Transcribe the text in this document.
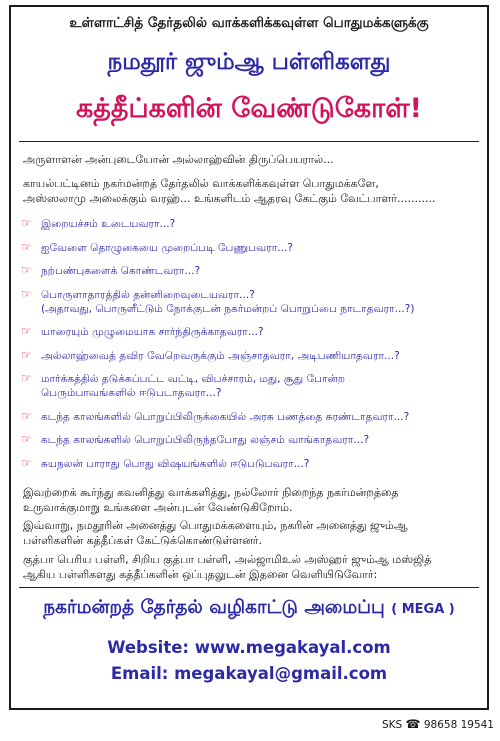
உள்ளாட்சித் தேர்தலில் வாக்களிக்கவுள்ள பொதுமக்களுக்கு
நமதூர் ஜும்ஆ பள்ளிகளது
கத்தீப்களின் வேண்டுகோள்!
அருளாளன் அன்புடையோன் அல்லாஹ்வின் திருப்பெயரால்...
காயல்பட்டினம் நகர்மன்றத் தேர்தலில் வாக்களிக்கவுள்ள பொதுமக்களே,
அஸ்ஸலாமு அலைக்கும் வரஹ்... உங்களிடம் ஆதரவு கேட்கும் வேட்பாளர்...........
☞ இறையச்சம் உடையவரா...?
☞ ஐவேளை தொழுகையை முறைப்படி பேணுபவரா...?
☞ நற்பண்புகளைக் கொண்டவரா...?
☞ பொருளாதாரத்தில் தன்னிறைவுடையவரா...?
(அதாவது, பொருளீட்டும் நோக்குடன் நகர்மன்றப் பொறுப்பை நாடாதவரா...?)
☞ யாரையும் முழுமையாக சார்ந்திருக்காதவரா...?
☞ அல்லாஹ்வைத் தவிர வேறெவருக்கும் அஞ்சாதவரா, அடிபணியாதவரா...?
☞ மார்க்கத்தில் தடுக்கப்பட்ட வட்டி, விபச்சாரம், மது, சூது போன்ற
பெரும்பாவங்களில் ஈடுபடாதவரா...?
☞ கடந்த காலங்களில் பொறுப்பிலிருக்கையில் அரசு பணத்தை சுரண்டாதவரா...?
☞ கடந்த காலங்களில் பொறுப்பிலிருந்தபோது லஞ்சம் வாங்காதவரா...?
☞ சுயநலன் பாராது பொது விஷயங்களில் ஈடுபடுபவரா...?
இவற்றைக் கூர்ந்து கவனித்து வாக்களித்து, நல்லோர் நிறைந்த நகர்மன்றத்தை
உருவாக்குமாறு உங்களை அன்புடன் வேண்டுகிறோம்.
இவ்வாறு, நமதூரின் அனைத்து பொதுமக்களையும், நகரின் அனைத்து ஜும்ஆ
பள்ளிகளின் கத்தீப்கள் கேட்டுக்கொண்டுள்ளனர்.
குத்பா பெரிய பள்ளி, சிறிய குத்பா பள்ளி, அல்ஜாமிஉல் அஸ்ஹர் ஜும்ஆ மஸ்ஜித்
ஆகிய பள்ளிகளது கத்தீப்களின் ஒப்புதலுடன் இதனை வெளியிடுவோர்:
நகர்மன்றத் தேர்தல் வழிகாட்டு அமைப்பு ( MEGA )
Website: www.megakayal.com
Email: megakayal@gmail.com
SKS ☎ 98658 19541
